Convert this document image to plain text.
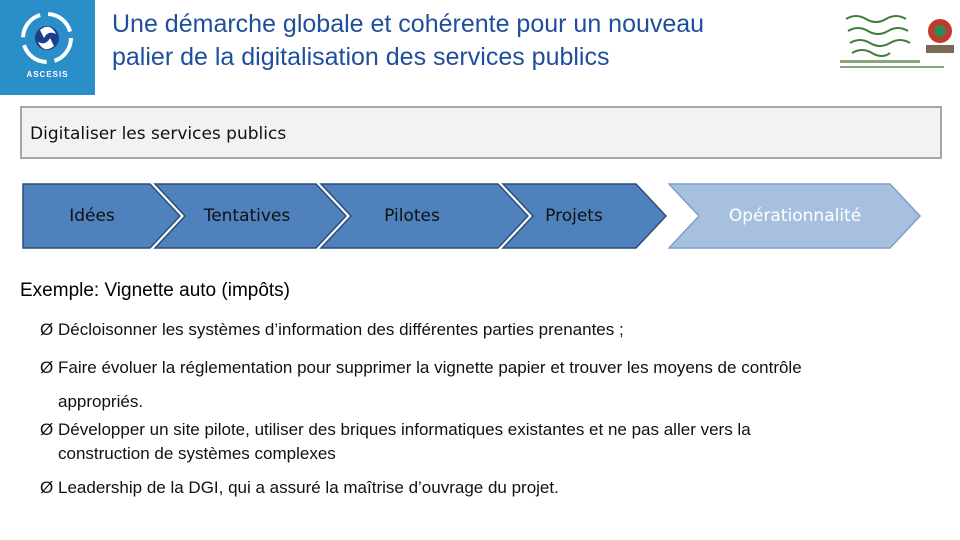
ASCESIS
Une démarche globale et cohérente pour un nouveau
palier de la digitalisation des services publics
Digitaliser les services publics
Idées	Tentatives	Pilotes	Projets	Opérationnalité
Exemple: Vignette auto (impôts)
Ø Décloisonner les systèmes d’information des différentes parties prenantes ;
Ø Faire évoluer la réglementation pour supprimer la vignette papier et trouver les moyens de contrôle
appropriés.
Ø Développer un site pilote, utiliser des briques informatiques existantes et ne pas aller vers la
construction de systèmes complexes
Ø Leadership de la DGI, qui a assuré la maîtrise d’ouvrage du projet.
